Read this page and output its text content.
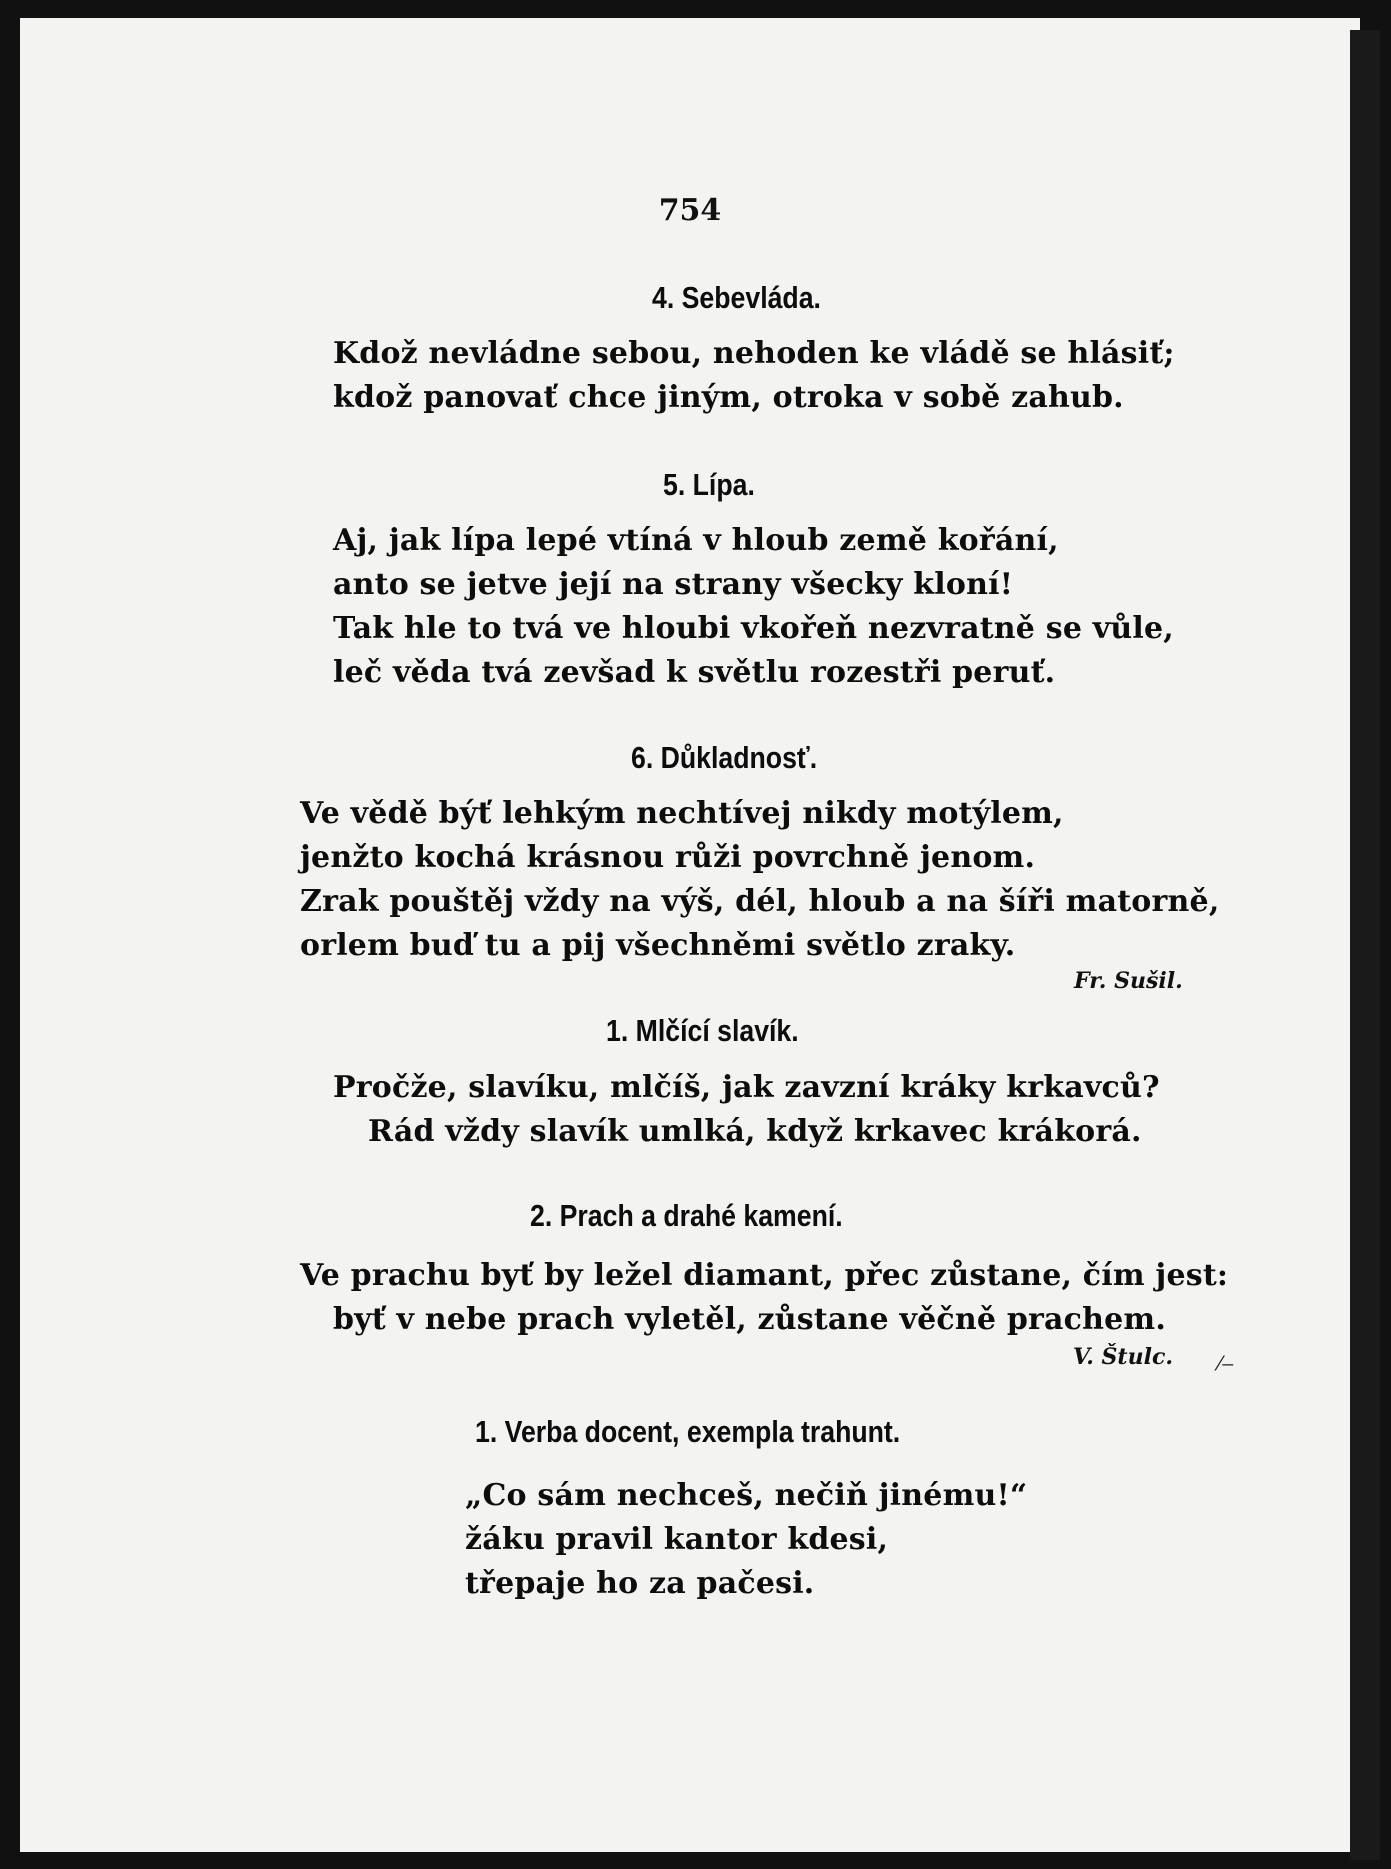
754
4. Sebevláda.
Kdož nevládne sebou, nehoden ke vládě se hlásiť;
kdož panovať chce jiným, otroka v sobě zahub.
5. Lípa.
Aj, jak lípa lepé vtíná v hloub země kořání,
anto se jetve její na strany všecky kloní!
Tak hle to tvá ve hloubi vkořeň nezvratně se vůle,
leč věda tvá zevšad k světlu rozestři peruť.
6. Důkladnosť.
Ve vědě býť lehkým nechtívej nikdy motýlem,
jenžto kochá krásnou růži povrchně jenom.
Zrak pouštěj vždy na výš, dél, hloub a na šíři matorně,
orlem buď tu a pij všechněmi světlo zraky.
Fr. Sušil.
1. Mlčící slavík.
Pročže, slavíku, mlčíš, jak zavzní kráky krkavců?
Rád vždy slavík umlká, když krkavec krákorá.
2. Prach a drahé kamení.
Ve prachu byť by ležel diamant, přec zůstane, čím jest:
byť v nebe prach vyletěl, zůstane věčně prachem.
V. Štulc. ⁄‒
1. Verba docent, exempla trahunt.
„Co sám nechceš, nečiň jinému!“
žáku pravil kantor kdesi,
třepaje ho za pačesi.
